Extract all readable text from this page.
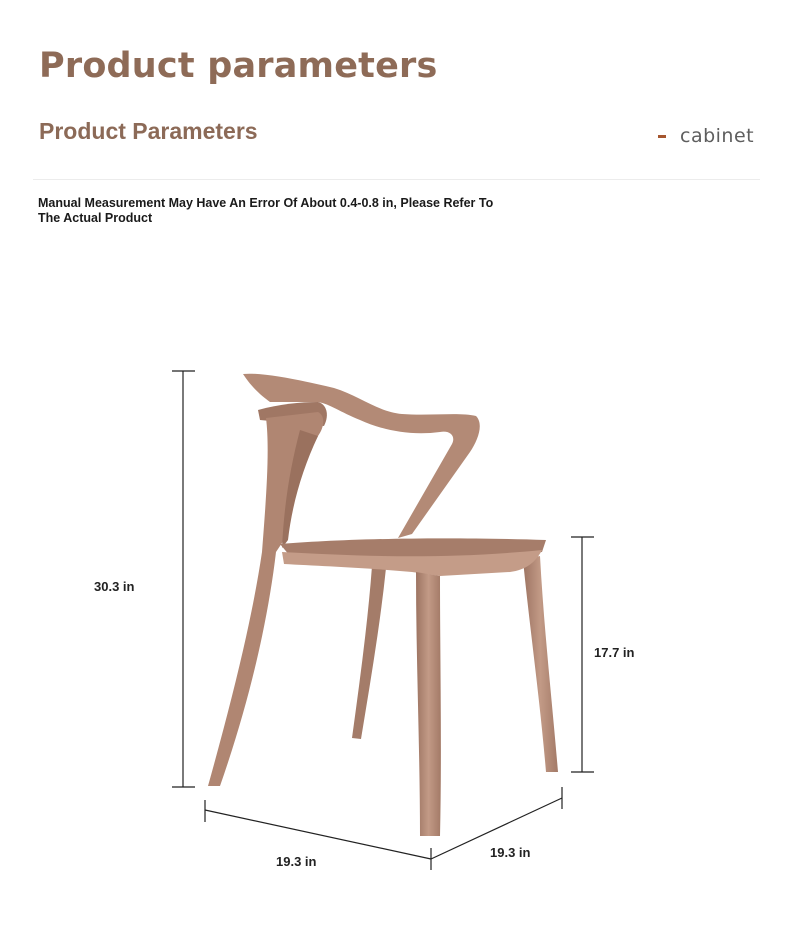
Product parameters
Product Parameters	cabinet
Manual Measurement May Have An Error Of About 0.4-0.8 in, Please Refer To The Actual Product
30.3 in
17.7 in
19.3 in
19.3 in
